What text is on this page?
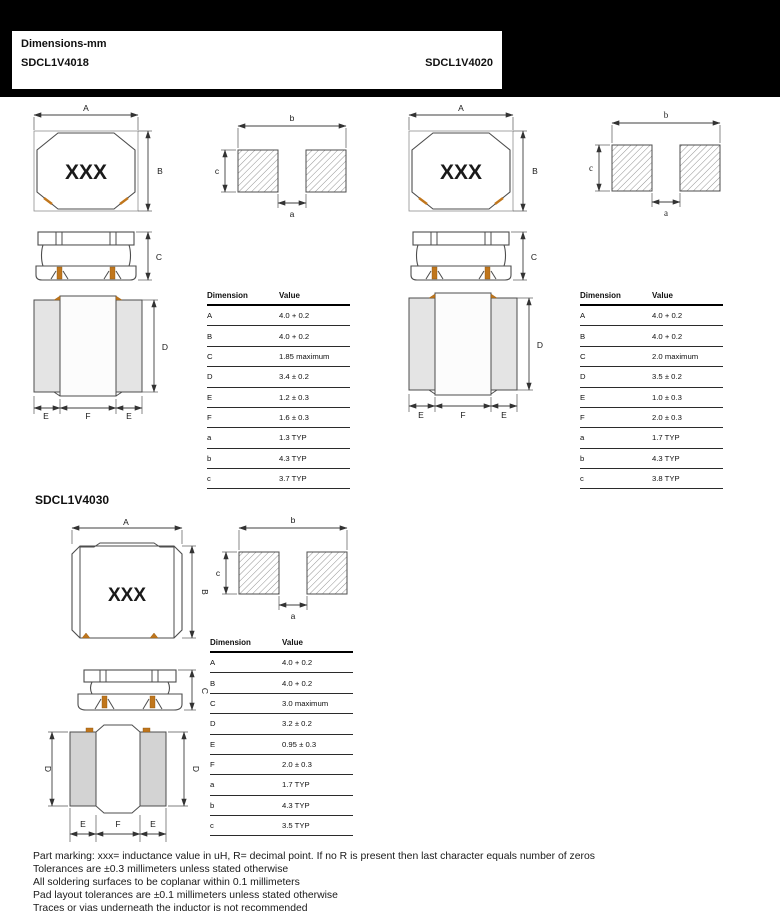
Dimensions-mm
SDCL1V4018	SDCL1V4020
A
XXX	B
b
c
a
C
D
E	F	E
Dimension	Value
A	4.0 + 0.2
B	4.0 + 0.2
C	1.85 maximum
D	3.4 ± 0.2
E	1.2 ± 0.3
F	1.6 ± 0.3
a	1.3 TYP
b	4.3 TYP
c	3.7 TYP
A
XXX	B
b
c
a
C
D
E	F	E
Dimension	Value
A	4.0 + 0.2
B	4.0 + 0.2
C	2.0 maximum
D	3.5 ± 0.2
E	1.0 ± 0.3
F	2.0 ± 0.3
a	1.7 TYP
b	4.3 TYP
c	3.8 TYP
SDCL1V4030
A
XXX	B
b
c
a
C
D	D
E	F	E
Dimension	Value
A	4.0 + 0.2
B	4.0 + 0.2
C	3.0 maximum
D	3.2 ± 0.2
E	0.95 ± 0.3
F	2.0 ± 0.3
a	1.7 TYP
b	4.3 TYP
c	3.5 TYP
Part marking: xxx= inductance value in uH, R= decimal point. If no R is present then last character equals number of zeros
Tolerances are ±0.3 millimeters unless stated otherwise
All soldering surfaces to be coplanar within 0.1 millimeters
Pad layout tolerances are ±0.1 millimeters unless stated otherwise
Traces or vias underneath the inductor is not recommended
